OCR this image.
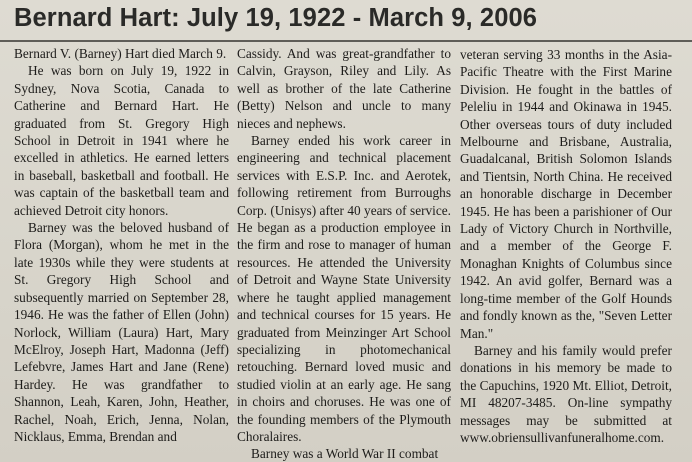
Bernard Hart: July 19, 1922 - March 9, 2006

Bernard V. (Barney) Hart died March 9.

He was born on July 19, 1922 in Sydney, Nova Scotia, Canada to Catherine and Bernard Hart. He graduated from St. Gregory High School in Detroit in 1941 where he excelled in athletics. He earned letters in baseball, basketball and football. He was captain of the basketball team and achieved Detroit city honors.

Barney was the beloved husband of Flora (Morgan), whom he met in the late 1930s while they were students at St. Gregory High School and subsequently married on September 28, 1946. He was the father of Ellen (John) Norlock, William (Laura) Hart, Mary McElroy, Joseph Hart, Madonna (Jeff) Lefebvre, James Hart and Jane (Rene) Hardey. He was grandfather to Shannon, Leah, Karen, John, Heather, Rachel, Noah, Erich, Jenna, Nolan, Nicklaus, Emma, Brendan and

Cassidy. And was great-grandfather to Calvin, Grayson, Riley and Lily. As well as brother of the late Catherine (Betty) Nelson and uncle to many nieces and nephews.

Barney ended his work career in engineering and technical placement services with E.S.P. Inc. and Aerotek, following retirement from Burroughs Corp. (Unisys) after 40 years of service. He began as a production employee in the firm and rose to manager of human resources. He attended the University of Detroit and Wayne State University where he taught applied management and technical courses for 15 years. He graduated from Meinzinger Art School specializing in photomechanical retouching. Bernard loved music and studied violin at an early age. He sang in choirs and choruses. He was one of the founding members of the Plymouth Choralaires.

Barney was a World War II combat

veteran serving 33 months in the Asia-Pacific Theatre with the First Marine Division. He fought in the battles of Peleliu in 1944 and Okinawa in 1945. Other overseas tours of duty included Melbourne and Brisbane, Australia, Guadalcanal, British Solomon Islands and Tientsin, North China. He received an honorable discharge in December 1945. He has been a parishioner of Our Lady of Victory Church in Northville, and a member of the George F. Monaghan Knights of Columbus since 1942. An avid golfer, Bernard was a long-time member of the Golf Hounds and fondly known as the, "Seven Letter Man."

Barney and his family would prefer donations in his memory be made to the Capuchins, 1920 Mt. Elliot, Detroit, MI 48207-3485. On-line sympathy messages may be submitted at www.obriensullivanfuneralhome.com.
